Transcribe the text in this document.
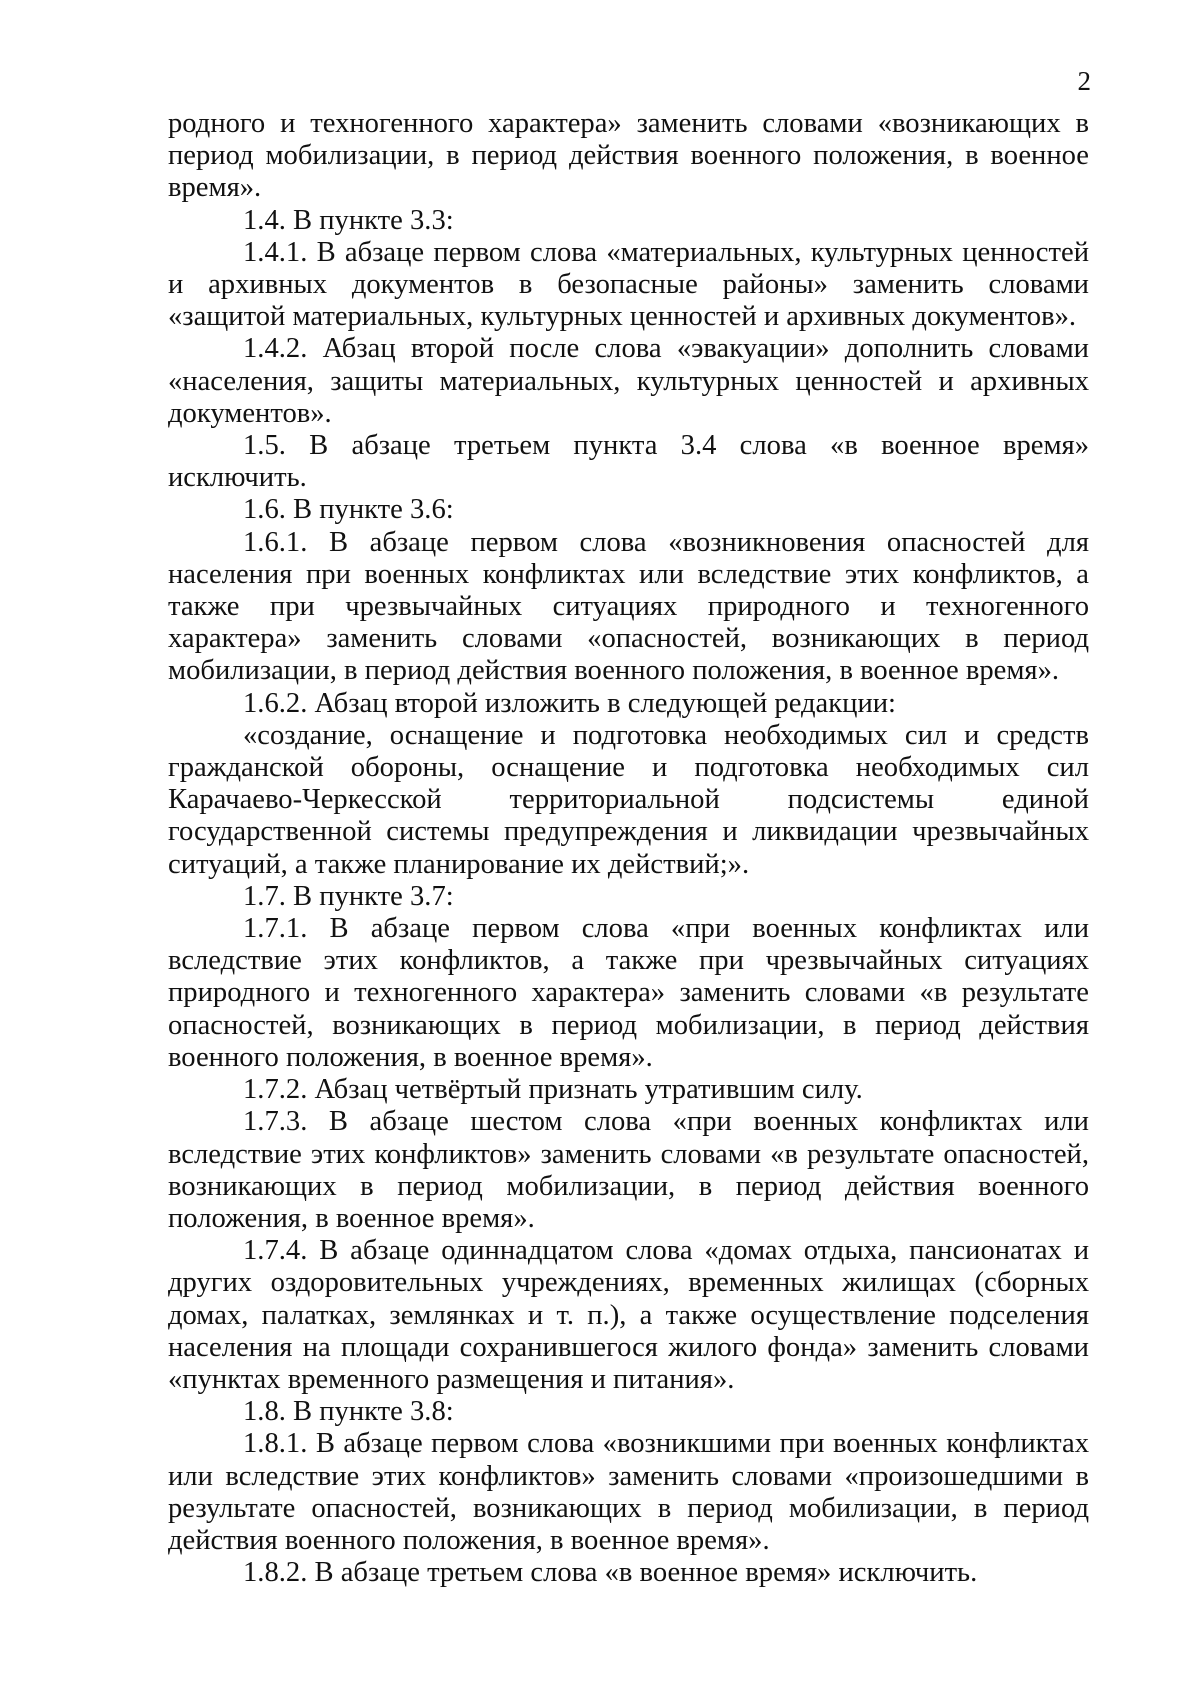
2

родного и техногенного характера» заменить словами «возникающих в период мобилизации, в период действия военного положения, в военное время».

1.4. В пункте 3.3:

1.4.1. В абзаце первом слова «материальных, культурных ценностей и архивных документов в безопасные районы» заменить словами «защитой материальных, культурных ценностей и архивных документов».

1.4.2. Абзац второй после слова «эвакуации» дополнить словами «населения, защиты материальных, культурных ценностей и архивных документов».

1.5. В абзаце третьем пункта 3.4 слова «в военное время» исключить.

1.6. В пункте 3.6:

1.6.1. В абзаце первом слова «возникновения опасностей для населения при военных конфликтах или вследствие этих конфликтов, а также при чрезвычайных ситуациях природного и техногенного характера» заменить словами «опасностей, возникающих в период мобилизации, в период действия военного положения, в военное время».

1.6.2. Абзац второй изложить в следующей редакции:

«создание, оснащение и подготовка необходимых сил и средств гражданской обороны, оснащение и подготовка необходимых сил Карачаево-Черкесской территориальной подсистемы единой государственной системы предупреждения и ликвидации чрезвычайных ситуаций, а также планирование их действий;».

1.7. В пункте 3.7:

1.7.1. В абзаце первом слова «при военных конфликтах или вследствие этих конфликтов, а также при чрезвычайных ситуациях природного и техногенного характера» заменить словами «в результате опасностей, возникающих в период мобилизации, в период действия военного положения, в военное время».

1.7.2. Абзац четвёртый признать утратившим силу.

1.7.3. В абзаце шестом слова «при военных конфликтах или вследствие этих конфликтов» заменить словами «в результате опасностей, возникающих в период мобилизации, в период действия военного положения, в военное время».

1.7.4. В абзаце одиннадцатом слова «домах отдыха, пансионатах и других оздоровительных учреждениях, временных жилищах (сборных домах, палатках, землянках и т. п.), а также осуществление подселения населения на площади сохранившегося жилого фонда» заменить словами «пунктах временного размещения и питания».

1.8. В пункте 3.8:

1.8.1. В абзаце первом слова «возникшими при военных конфликтах или вследствие этих конфликтов» заменить словами «произошедшими в результате опасностей, возникающих в период мобилизации, в период действия военного положения, в военное время».

1.8.2. В абзаце третьем слова «в военное время» исключить.
